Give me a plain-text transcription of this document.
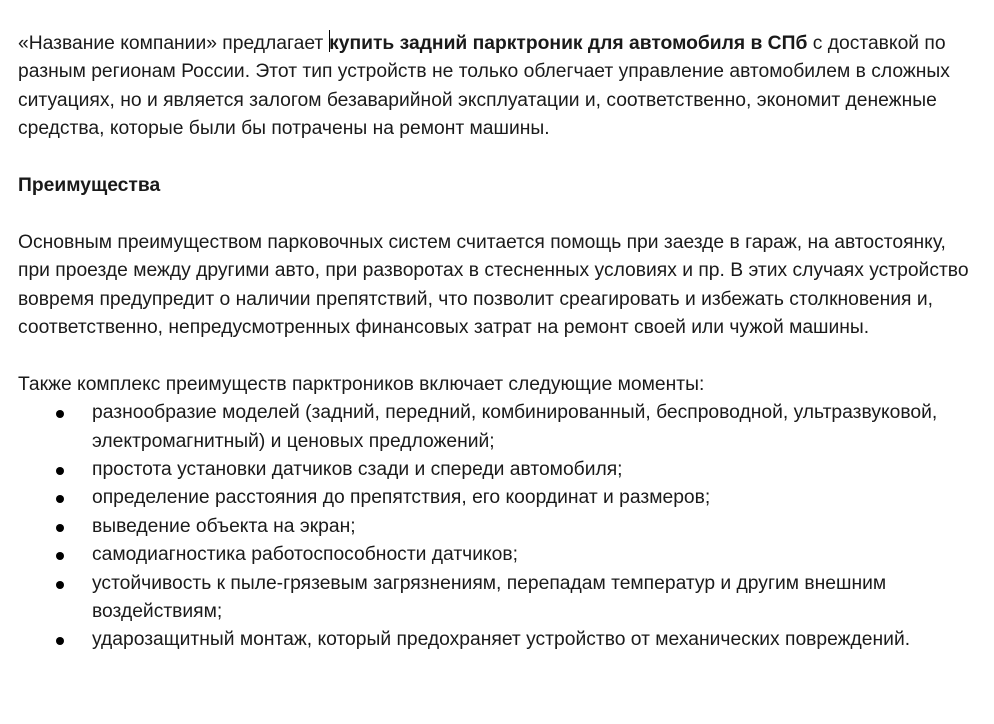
«Название компании» предлагает купить задний парктроник для автомобиля в СПб с доставкой по разным регионам России. Этот тип устройств не только облегчает управление автомобилем в сложных ситуациях, но и является залогом безаварийной эксплуатации и, соответственно, экономит денежные средства, которые были бы потрачены на ремонт машины.

Преимущества

Основным преимуществом парковочных систем считается помощь при заезде в гараж, на автостоянку, при проезде между другими авто, при разворотах в стесненных условиях и пр. В этих случаях устройство вовремя предупредит о наличии препятствий, что позволит среагировать и избежать столкновения и, соответственно, непредусмотренных финансовых затрат на ремонт своей или чужой машины.

Также комплекс преимуществ парктроников включает следующие моменты:

разнообразие моделей (задний, передний, комбинированный, беспроводной, ультразвуковой, электромагнитный) и ценовых предложений;
простота установки датчиков сзади и спереди автомобиля;
определение расстояния до препятствия, его координат и размеров;
выведение объекта на экран;
самодиагностика работоспособности датчиков;
устойчивость к пыле-грязевым загрязнениям, перепадам температур и другим внешним воздействиям;
ударозащитный монтаж, который предохраняет устройство от механических повреждений.
